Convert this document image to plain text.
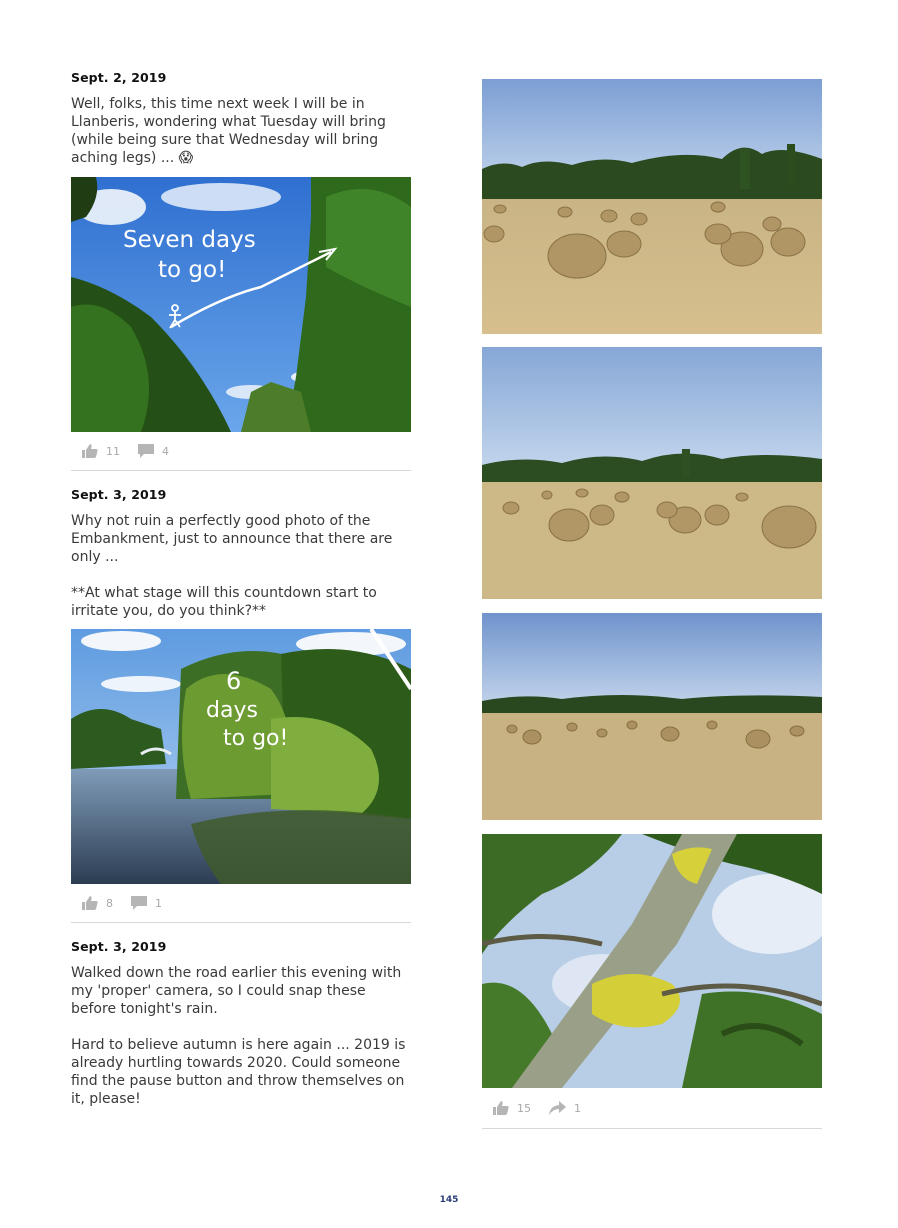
Sept. 2, 2019

Well, folks, this time next week I will be in Llanberis, wondering what Tuesday will bring (while being sure that Wednesday will bring aching legs) ... 😱

Seven days
to go!
11	4
Sept. 3, 2019

Why not ruin a perfectly good photo of the Embankment, just to announce that there are only ...

**At what stage will this countdown start to irritate you, do you think?**

6
days
to go!
8	1
Sept. 3, 2019

Walked down the road earlier this evening with my 'proper' camera, so I could snap these before tonight's rain.

Hard to believe autumn is here again ... 2019 is already hurtling towards 2020. Could someone find the pause button and throw themselves on it, please!

15	1
145
